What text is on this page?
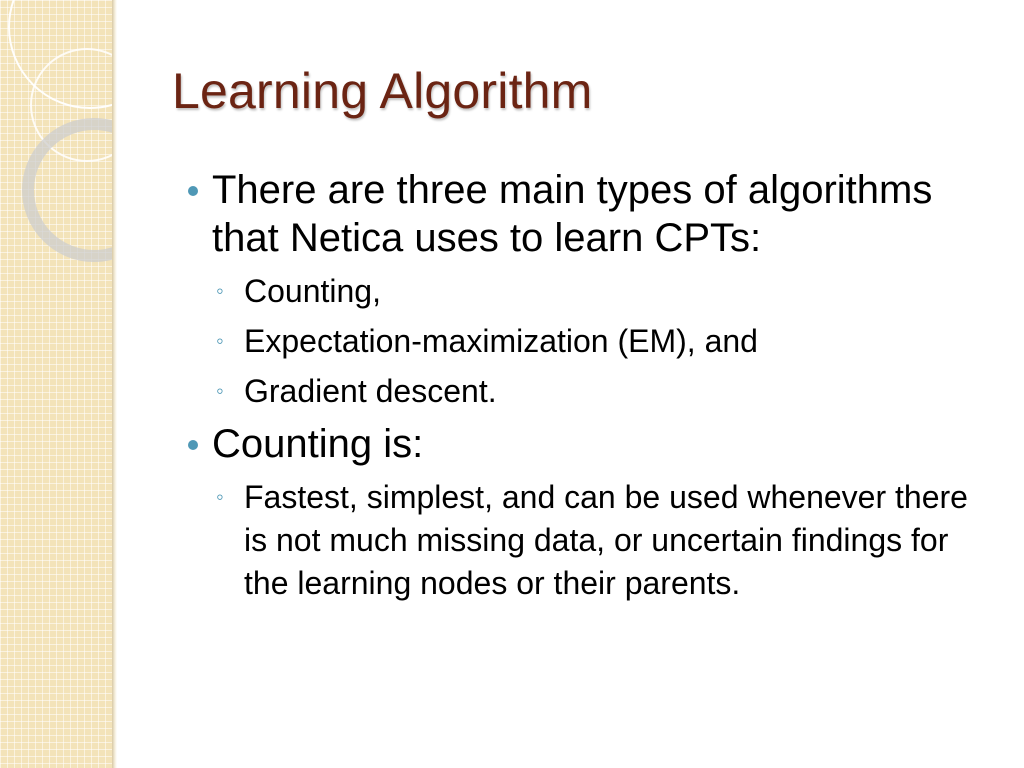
Learning Algorithm
There are three main types of algorithms that Netica uses to learn CPTs:
◦ Counting,
◦ Expectation-maximization (EM), and
◦ Gradient descent.
Counting is:
◦ Fastest, simplest, and can be used whenever there is not much missing data, or uncertain findings for the learning nodes or their parents.
